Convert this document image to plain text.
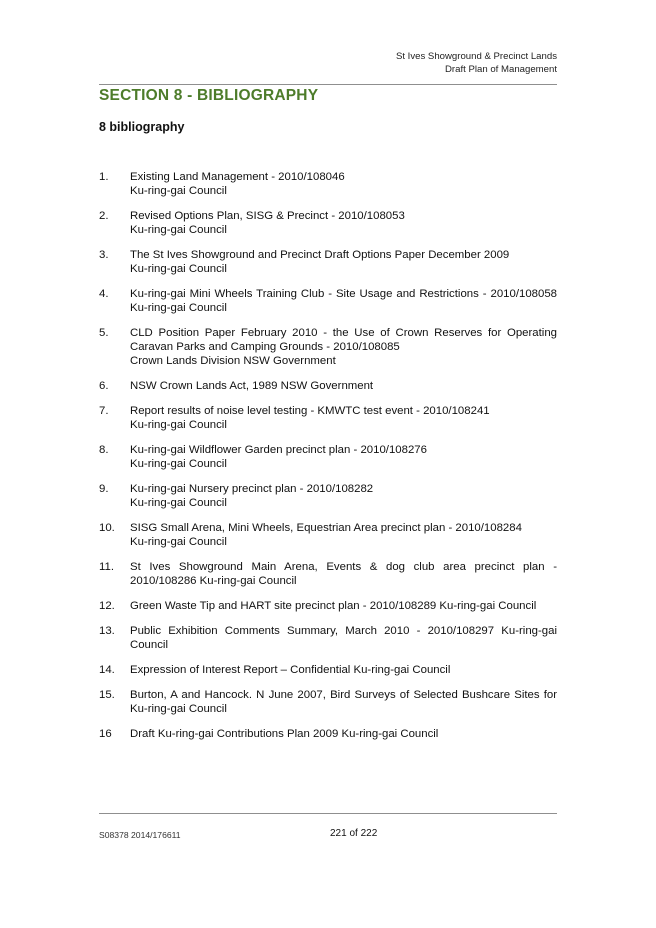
St Ives Showground & Precinct Lands
Draft Plan of Management
SECTION 8 - BIBLIOGRAPHY
8 bibliography
1.	Existing Land Management - 2010/108046
Ku-ring-gai Council
2.	Revised Options Plan, SISG & Precinct - 2010/108053
Ku-ring-gai Council
3.	The St Ives Showground and Precinct Draft Options Paper December 2009
Ku-ring-gai Council
4.	Ku-ring-gai Mini Wheels Training Club - Site Usage and Restrictions - 2010/108058 Ku-ring-gai Council
5.	CLD Position Paper February 2010 - the Use of Crown Reserves for Operating Caravan Parks and Camping Grounds - 2010/108085
Crown Lands Division NSW Government
6.	NSW Crown Lands Act, 1989 NSW Government
7.	Report results of noise level testing - KMWTC test event - 2010/108241
Ku-ring-gai Council
8.	Ku-ring-gai Wildflower Garden precinct plan - 2010/108276
Ku-ring-gai Council
9.	Ku-ring-gai Nursery precinct plan - 2010/108282
Ku-ring-gai Council
10.	SISG Small Arena, Mini Wheels, Equestrian Area precinct plan - 2010/108284
Ku-ring-gai Council
11.	St Ives Showground Main Arena, Events & dog club area precinct plan - 2010/108286 Ku-ring-gai Council
12.	Green Waste Tip and HART site precinct plan - 2010/108289 Ku-ring-gai Council
13.	Public Exhibition Comments Summary, March 2010 - 2010/108297 Ku-ring-gai Council
14.	Expression of Interest Report – Confidential Ku-ring-gai Council
15.	Burton, A and Hancock. N June 2007, Bird Surveys of Selected Bushcare Sites for Ku-ring-gai Council
16	Draft Ku-ring-gai Contributions Plan 2009 Ku-ring-gai Council
S08378 2014/176611	221 of 222
